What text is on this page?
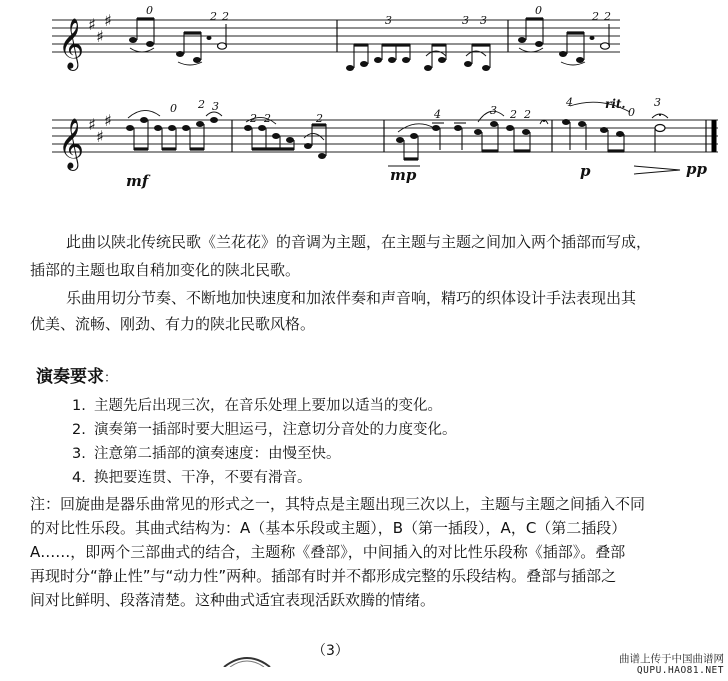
𝄞 ♯
♯
♯
0	2 2	3	3 3
0	2 2
𝄞 ♯
♯
♯
0 2 3
2 2	2	4	3 2 2
4	rit.
0
3
mf	mp	p	pp

此曲以陕北传统民歌《兰花花》的音调为主题，在主题与主题之间加入两个插部而写成，

插部的主题也取自稍加变化的陕北民歌。

乐曲用切分节奏、不断地加快速度和加浓伴奏和声音响，精巧的织体设计手法表现出其

优美、流畅、刚劲、有力的陕北民歌风格。

演奏要求：
1. 主题先后出现三次，在音乐处理上要加以适当的变化。
2. 演奏第一插部时要大胆运弓，注意切分音处的力度变化。
3. 注意第二插部的演奏速度：由慢至快。
4. 换把要连贯、干净，不要有滑音。
注：回旋曲是器乐曲常见的形式之一，其特点是主题出现三次以上，主题与主题之间插入不同
的对比性乐段。其曲式结构为：A（基本乐段或主题），B（第一插段），A，C（第二插段）
A……，即两个三部曲式的结合，主题称《叠部》，中间插入的对比性乐段称《插部》。叠部
再现时分“静止性”与“动力性”两种。插部有时并不都形成完整的乐段结构。叠部与插部之
间对比鲜明、段落清楚。这种曲式适宜表现活跃欢腾的情绪。
（3）	曲谱上传于中国曲谱网
QUPU.HAO81.NET
